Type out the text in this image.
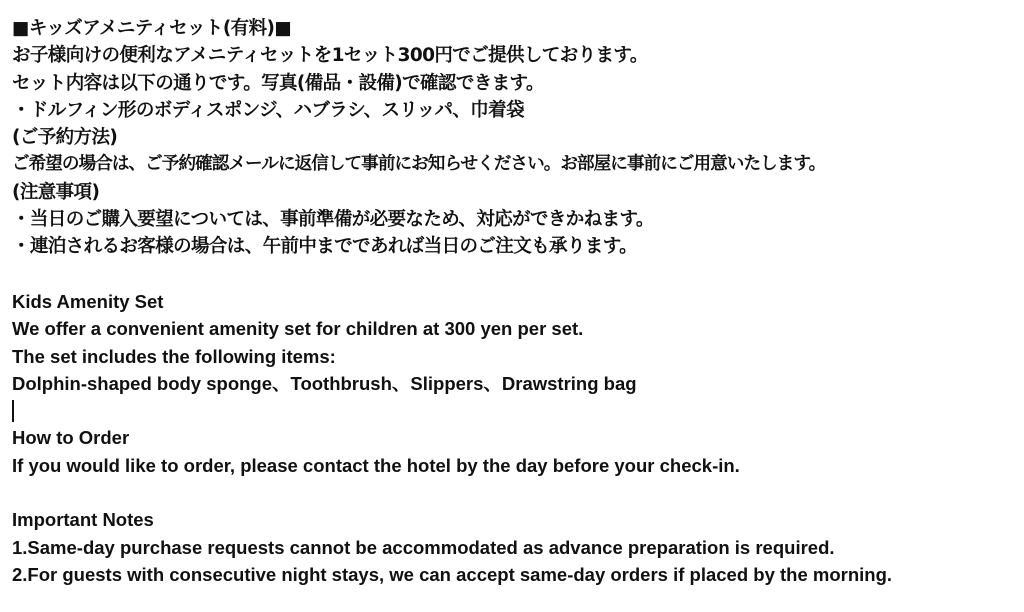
■キッズアメニティセット(有料)■
お子様向けの便利なアメニティセットを1セット300円でご提供しております。
セット内容は以下の通りです。写真(備品・設備)で確認できます。
・ドルフィン形のボディスポンジ、ハブラシ、スリッパ、巾着袋
(ご予約方法)
ご希望の場合は、ご予約確認メールに返信して事前にお知らせください。お部屋に事前にご用意いたします。
(注意事項)
・当日のご購入要望については、事前準備が必要なため、対応ができかねます。
・連泊されるお客様の場合は、午前中までであれば当日のご注文も承ります。
Kids Amenity Set
We offer a convenient amenity set for children at 300 yen per set.
The set includes the following items:
Dolphin-shaped body sponge、Toothbrush、Slippers、Drawstring bag
How to Order
If you would like to order, please contact the hotel by the day before your check-in.
Important Notes
1.Same-day purchase requests cannot be accommodated as advance preparation is required.
2.For guests with consecutive night stays, we can accept same-day orders if placed by the morning.
